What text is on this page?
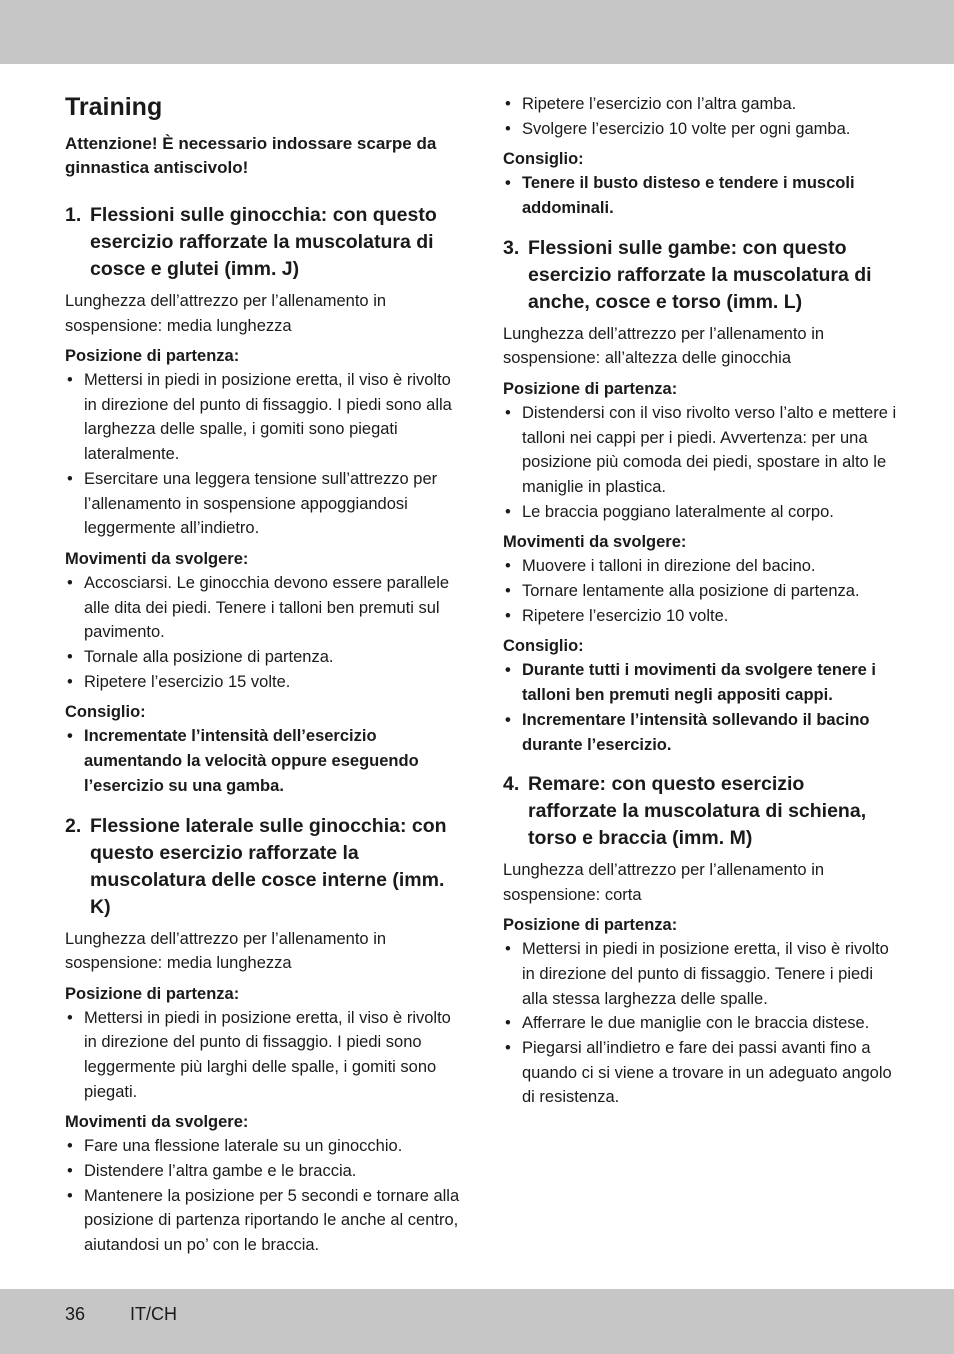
Training

Attenzione! È necessario indossare scarpe da ginnastica antiscivolo!

1. Flessioni sulle ginocchia: con questo esercizio rafforzate la muscolatura di cosce e glutei (imm. J)

Lunghezza dell’attrezzo per l’allenamento in sospensione: media lunghezza

Posizione di partenza:

• Mettersi in piedi in posizione eretta, il viso è rivolto in direzione del punto di fissaggio. I piedi sono alla larghezza delle spalle, i gomiti sono piegati lateralmente.
• Esercitare una leggera tensione sull’attrezzo per l’allenamento in sospensione appoggiandosi leggermente all’indietro.

Movimenti da svolgere:

• Accosciarsi. Le ginocchia devono essere parallele alle dita dei piedi. Tenere i talloni ben premuti sul pavimento.
• Tornale alla posizione di partenza.
• Ripetere l’esercizio 15 volte.

Consiglio:

• Incrementate l’intensità dell’esercizio aumentando la velocità oppure eseguendo l’esercizio su una gamba.
2. Flessione laterale sulle ginocchia: con questo esercizio rafforzate la muscolatura delle cosce interne (imm. K)

Lunghezza dell’attrezzo per l’allenamento in sospensione: media lunghezza

Posizione di partenza:

• Mettersi in piedi in posizione eretta, il viso è rivolto in direzione del punto di fissaggio. I piedi sono leggermente più larghi delle spalle, i gomiti sono piegati.

Movimenti da svolgere:

• Fare una flessione laterale su un ginocchio.
• Distendere l’altra gambe e le braccia.
• Mantenere la posizione per 5 secondi e tornare alla posizione di partenza riportando le anche al centro, aiutandosi un po’ con le braccia.
• Ripetere l’esercizio con l’altra gamba.
• Svolgere l’esercizio 10 volte per ogni gamba.

Consiglio:

• Tenere il busto disteso e tendere i muscoli addominali.
3. Flessioni sulle gambe: con questo esercizio rafforzate la muscolatura di anche, cosce e torso (imm. L)

Lunghezza dell’attrezzo per l’allenamento in sospensione: all’altezza delle ginocchia

Posizione di partenza:

• Distendersi con il viso rivolto verso l’alto e mettere i talloni nei cappi per i piedi. Avvertenza: per una posizione più comoda dei piedi, spostare in alto le maniglie in plastica.
• Le braccia poggiano lateralmente al corpo.

Movimenti da svolgere:

• Muovere i talloni in direzione del bacino.
• Tornare lentamente alla posizione di partenza.
• Ripetere l’esercizio 10 volte.

Consiglio:

• Durante tutti i movimenti da svolgere tenere i talloni ben premuti negli appositi cappi.
• Incrementare l’intensità sollevando il bacino durante l’esercizio.
4. Remare: con questo esercizio rafforzate la muscolatura di schiena, torso e braccia (imm. M)

Lunghezza dell’attrezzo per l’allenamento in sospensione: corta

Posizione di partenza:

• Mettersi in piedi in posizione eretta, il viso è rivolto in direzione del punto di fissaggio. Tenere i piedi alla stessa larghezza delle spalle.
• Afferrare le due maniglie con le braccia distese.
• Piegarsi all’indietro e fare dei passi avanti fino a quando ci si viene a trovare in un adeguato angolo di resistenza.
36 IT/CH
